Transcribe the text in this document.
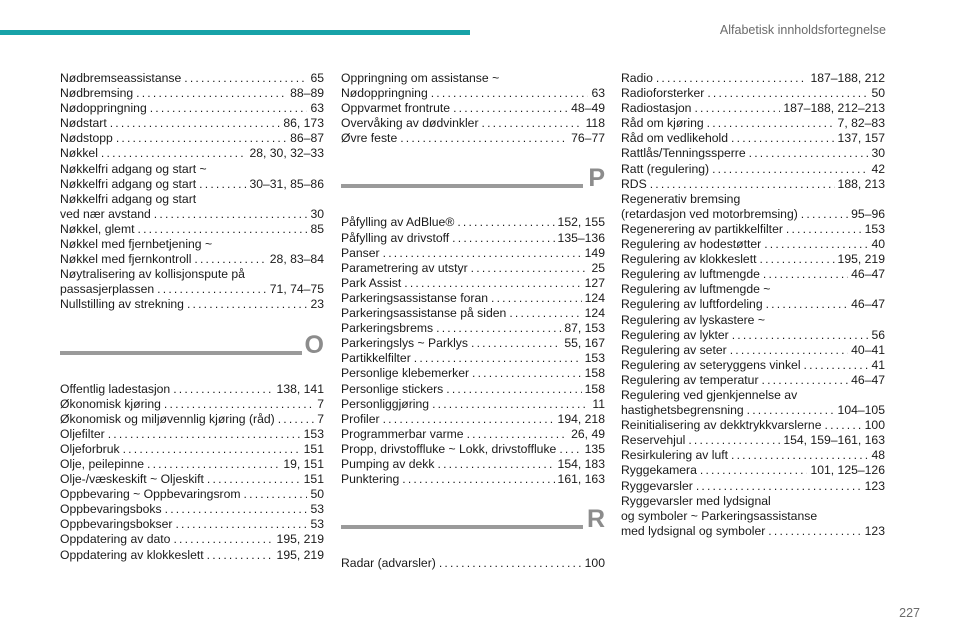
Alfabetisk innholdsfortegnelse
Nødbremseassistanse . . .	65
Nødbremsing . . .	88–89
Nødoppringning . . .	63
Nødstart . . .	86, 173
Nødstopp . . .	86–87
Nøkkel . . .	28, 30, 32–33
Nøkkelfri adgang og start ~
Nøkkelfri adgang og start . . .	30–31, 85–86
Nøkkelfri adgang og start
ved nær avstand . . .	30
Nøkkel, glemt . . .	85
Nøkkel med fjernbetjening ~
Nøkkel med fjernkontroll . . .	28, 83–84
Nøytralisering av kollisjonspute på
passasjerplassen . . .	71, 74–75
Nullstilling av strekning . . .	23
O
Offentlig ladestasjon . . .	138, 141
Økonomisk kjøring . . .	7
Økonomisk og miljøvennlig kjøring (råd) . . .	7
Oljefilter . . .	153
Oljeforbruk . . .	151
Olje, peilepinne . . .	19, 151
Olje-/væskeskift ~ Oljeskift . . .	151
Oppbevaring ~ Oppbevaringsrom . . .	50
Oppbevaringsboks . . .	53
Oppbevaringsbokser . . .	53
Oppdatering av dato . . .	195, 219
Oppdatering av klokkeslett . . .	195, 219
Oppringning om assistanse ~
Nødoppringning . . .	63
Oppvarmet frontrute . . .	48–49
Overvåking av dødvinkler . . .	118
Øvre feste . . .	76–77
P
Påfylling av AdBlue® . . .	152, 155
Påfylling av drivstoff . . .	135–136
Panser . . .	149
Parametrering av utstyr . . .	25
Park Assist . . .	127
Parkeringsassistanse foran . . .	124
Parkeringsassistanse på siden . . .	124
Parkeringsbrems . . .	87, 153
Parkeringslys ~ Parklys . . .	55, 167
Partikkelfilter . . .	153
Personlige klebemerker . . .	158
Personlige stickers . . .	158
Personliggjøring . . .	11
Profiler . . .	194, 218
Programmerbar varme . . .	26, 49
Propp, drivstoffluke ~ Lokk, drivstoffluke . . . 135
Pumping av dekk . . .	154, 183
Punktering . . .	161, 163
R
Radar (advarsler) . . .	100
Radio . . .	187–188, 212
Radioforsterker . . .	50
Radiostasjon . . .	187–188, 212–213
Råd om kjøring . . .	7, 82–83
Råd om vedlikehold . . .	137, 157
Rattlås/Tenningssperre . . .	30
Ratt (regulering) . . .	42
RDS . . .	188, 213
Regenerativ bremsing
(retardasjon ved motorbremsing) . . .	95–96
Regenerering av partikkelfilter . . .	153
Regulering av hodestøtter . . .	40
Regulering av klokkeslett . . .	195, 219
Regulering av luftmengde . . .	46–47
Regulering av luftmengde ~
Regulering av luftfordeling . . .	46–47
Regulering av lyskastere ~
Regulering av lykter . . .	56
Regulering av seter . . .	40–41
Regulering av seteryggens vinkel . . .	41
Regulering av temperatur . . .	46–47
Regulering ved gjenkjennelse av
hastighetsbegrensning . . .	104–105
Reinitialisering av dekktrykkvarslerne . . .	100
Reservehjul . . .	154, 159–161, 163
Resirkulering av luft . . .	48
Ryggekamera . . .	101, 125–126
Ryggevarsler . . .	123
Ryggevarsler med lydsignal
og symboler ~ Parkeringsassistanse
med lydsignal og symboler . . .	123
227
